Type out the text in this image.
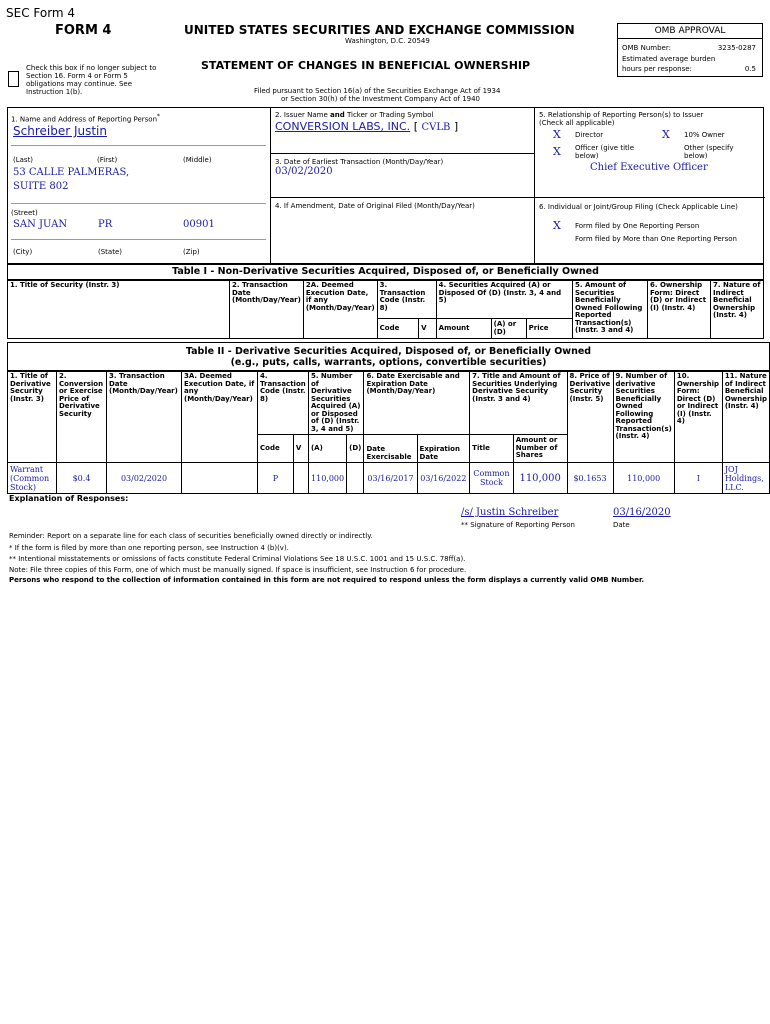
SEC Form 4
FORM 4	UNITED STATES SECURITIES AND EXCHANGE COMMISSION
Washington, D.C. 20549
STATEMENT OF CHANGES IN BENEFICIAL OWNERSHIP
Filed pursuant to Section 16(a) of the Securities Exchange Act of 1934
or Section 30(h) of the Investment Company Act of 1940
Check this box if no longer subject to Section 16. Form 4 or Form 5 obligations may continue. See Instruction 1(b).
OMB APPROVAL
OMB Number:	3235-0287
Estimated average burden
hours per response:	0.5
1. Name and Address of Reporting Person*
Schreiber Justin
(Last)	(First)	(Middle)
53 CALLE PALMERAS,
SUITE 802
(Street)
SAN JUAN	PR	00901
(City)	(State)	(Zip)
2. Issuer Name and Ticker or Trading Symbol
CONVERSION LABS, INC. [ CVLB ]
3. Date of Earliest Transaction (Month/Day/Year)
03/02/2020
4. If Amendment, Date of Original Filed (Month/Day/Year)
5. Relationship of Reporting Person(s) to Issuer
(Check all applicable)
X Director	X 10% Owner
X Officer (give title below)
Other (specify below)
Chief Executive Officer
6. Individual or Joint/Group Filing (Check Applicable Line)
X Form filed by One Reporting Person
Form filed by More than One Reporting Person
Table I - Non-Derivative Securities Acquired, Disposed of, or Beneficially Owned
1. Title of Security (Instr. 3)	2. Transaction Date (Month/Day/Year)	2A. Deemed Execution Date, if any (Month/Day/Year)	3. Transaction Code (Instr. 8)		4. Securities Acquired (A) or Disposed Of (D) (Instr. 3, 4 and 5)			5. Amount of Securities Beneficially Owned Following Reported Transaction(s) (Instr. 3 and 4)	6. Ownership Form: Direct (D) or Indirect (I) (Instr. 4)	7. Nature of Indirect Beneficial Ownership (Instr. 4)
			Code	V	Amount	(A) or (D)	Price			
Table II - Derivative Securities Acquired, Disposed of, or Beneficially Owned
(e.g., puts, calls, warrants, options, convertible securities)
1. Title of Derivative Security (Instr. 3)	2. Conversion or Exercise Price of Derivative Security	3. Transaction Date (Month/Day/Year)	3A. Deemed Execution Date, if any (Month/Day/Year)	4. Transaction Code (Instr. 8)		5. Number of Derivative Securities Acquired (A) or Disposed of (D) (Instr. 3, 4 and 5)		6. Date Exercisable and Expiration Date (Month/Day/Year)		7. Title and Amount of Securities Underlying Derivative Security (Instr. 3 and 4)		8. Price of Derivative Security (Instr. 5)	9. Number of derivative Securities Beneficially Owned Following Reported Transaction(s) (Instr. 4)	10. Ownership Form: Direct (D) or Indirect (I) (Instr. 4)	11. Nature of Indirect Beneficial Ownership (Instr. 4)
				Code	V	(A)	(D)	Date Exercisable	Expiration Date	Title	Amount or Number of Shares				
Warrant (Common Stock)	$0.4	03/02/2020		P		110,000		03/16/2017	03/16/2022	Common Stock	110,000	$0.1653	110,000	I	JOJ Holdings, LLC.
Explanation of Responses:
/s/ Justin Schreiber	03/16/2020
** Signature of Reporting Person	Date
Reminder: Report on a separate line for each class of securities beneficially owned directly or indirectly.
* If the form is filed by more than one reporting person, see Instruction 4 (b)(v).
** Intentional misstatements or omissions of facts constitute Federal Criminal Violations See 18 U.S.C. 1001 and 15 U.S.C. 78ff(a).
Note: File three copies of this Form, one of which must be manually signed. If space is insufficient, see Instruction 6 for procedure.
Persons who respond to the collection of information contained in this form are not required to respond unless the form displays a currently valid OMB Number.
